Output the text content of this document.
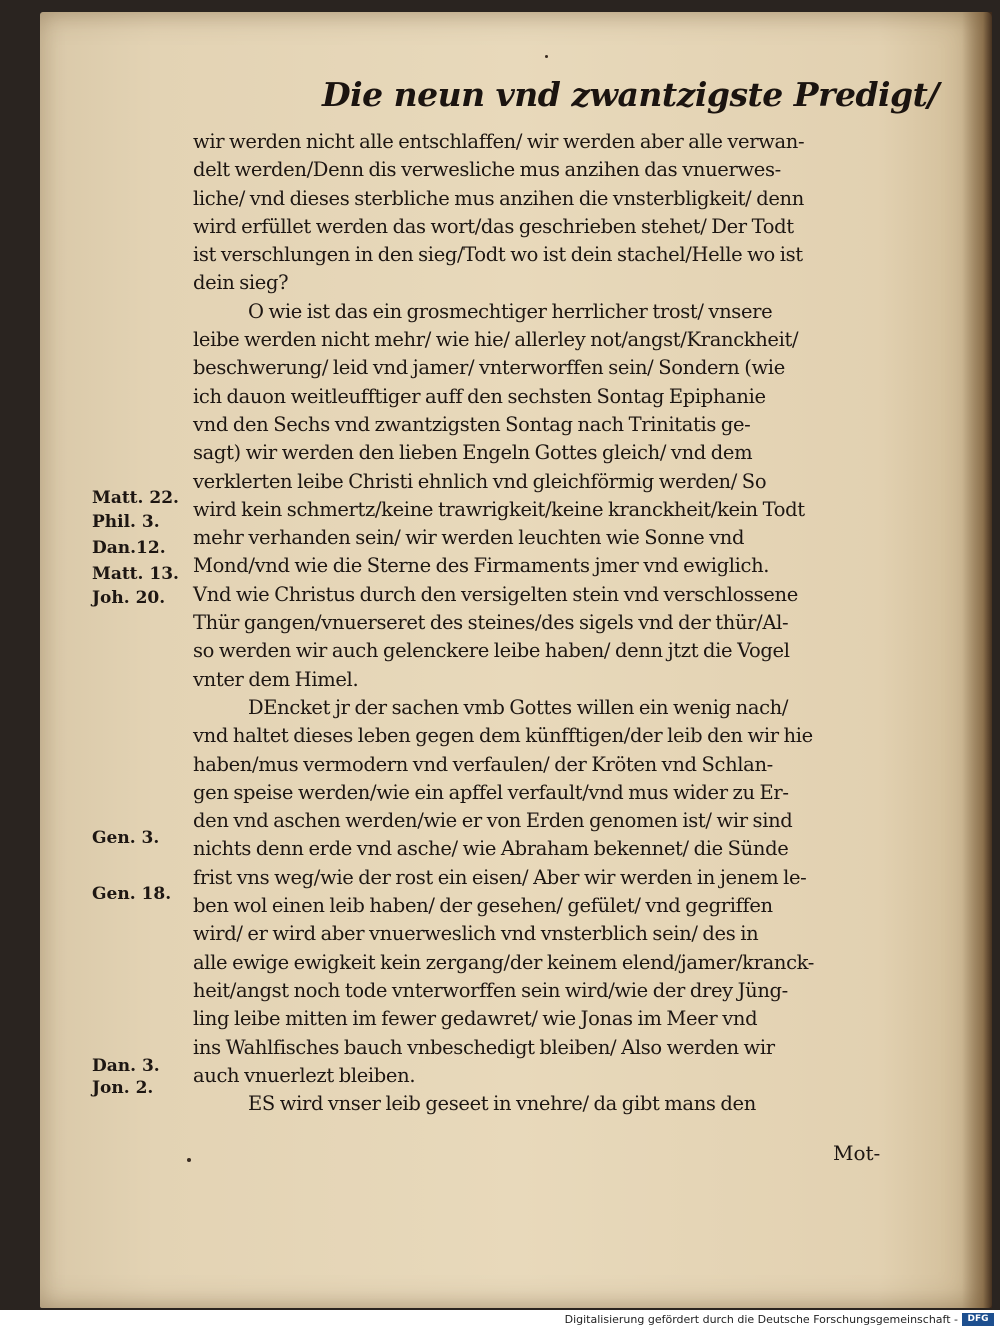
Die neun vnd zwantzigste Predigt/
wir werden nicht alle entschlaffen/ wir werden aber alle verwan-
delt werden/Denn dis verwesliche mus anzihen das vnuerwes-
liche/ vnd dieses sterbliche mus anzihen die vnsterbligkeit/ denn
wird erfüllet werden das wort/das geschrieben stehet/ Der Todt
ist verschlungen in den sieg/Todt wo ist dein stachel/Helle wo ist
dein sieg?
O wie ist das ein grosmechtiger herrlicher trost/ vnsere
leibe werden nicht mehr/ wie hie/ allerley not/angst/Kranckheit/
beschwerung/ leid vnd jamer/ vnterworffen sein/ Sondern (wie
ich dauon weitleufftiger auff den sechsten Sontag Epiphanie
vnd den Sechs vnd zwantzigsten Sontag nach Trinitatis ge-
sagt) wir werden den lieben Engeln Gottes gleich/ vnd dem
verklerten leibe Christi ehnlich vnd gleichförmig werden/ So
wird kein schmertz/keine trawrigkeit/keine kranckheit/kein Todt
mehr verhanden sein/ wir werden leuchten wie Sonne vnd
Mond/vnd wie die Sterne des Firmaments jmer vnd ewiglich.
Vnd wie Christus durch den versigelten stein vnd verschlossene
Thür gangen/vnuerseret des steines/des sigels vnd der thür/Al-
so werden wir auch gelenckere leibe haben/ denn jtzt die Vogel
vnter dem Himel.
DEncket jr der sachen vmb Gottes willen ein wenig nach/
vnd haltet dieses leben gegen dem künfftigen/der leib den wir hie
haben/mus vermodern vnd verfaulen/ der Kröten vnd Schlan-
gen speise werden/wie ein apffel verfault/vnd mus wider zu Er-
den vnd aschen werden/wie er von Erden genomen ist/ wir sind
nichts denn erde vnd asche/ wie Abraham bekennet/ die Sünde
frist vns weg/wie der rost ein eisen/ Aber wir werden in jenem le-
ben wol einen leib haben/ der gesehen/ gefület/ vnd gegriffen
wird/ er wird aber vnuerweslich vnd vnsterblich sein/ des in
alle ewige ewigkeit kein zergang/der keinem elend/jamer/kranck-
heit/angst noch tode vnterworffen sein wird/wie der drey Jüng-
ling leibe mitten im fewer gedawret/ wie Jonas im Meer vnd
ins Wahlfisches bauch vnbeschedigt bleiben/ Also werden wir
auch vnuerlezt bleiben.
ES wird vnser leib geseet in vnehre/ da gibt mans den
Matt. 22.
Phil. 3.
Dan.12.
Matt. 13.
Joh. 20.
Gen. 3.
Gen. 18.
Dan. 3.
Jon. 2.
Mot-
Digitalisierung gefördert durch die Deutsche Forschungsgemeinschaft -	DFG
